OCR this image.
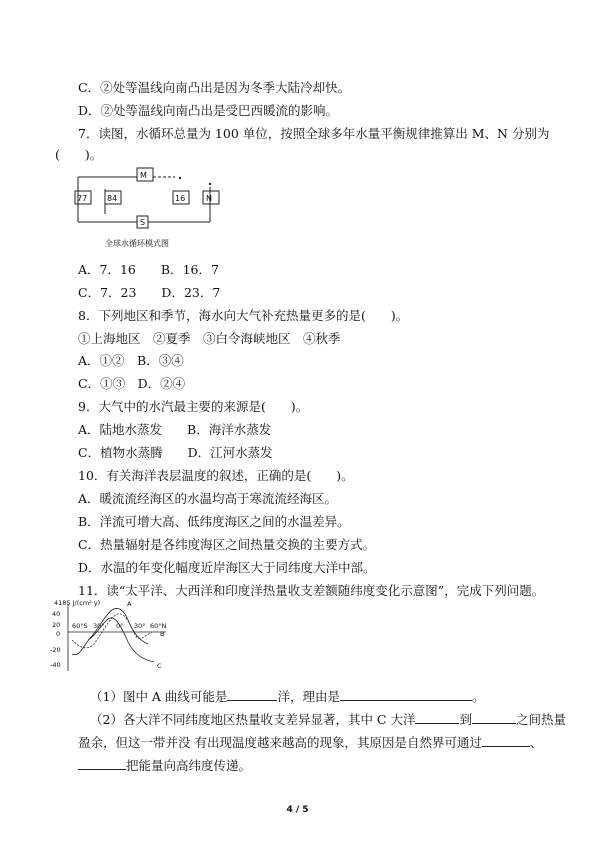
C．②处等温线向南凸出是因为冬季大陆冷却快。
D．②处等温线向南凸出是受巴西暖流的影响。
7．读图，水循环总量为 100 单位，按照全球多年水量平衡规律推算出 M、N 分别为
(　　)。
M
77 84	16	N
S
全球水循环模式图
A．7．16　　B．16．7
C．7．23　　D．23．7
8．下列地区和季节，海水向大气补充热量更多的是(　　)。
①上海地区　②夏季　③白令海峡地区　④秋季
A．①②　B．③④
C．①③　D．②④
9．大气中的水汽最主要的来源是(　　)。
A．陆地水蒸发　　B．海洋水蒸发
C．植物水蒸腾　　D．江河水蒸发
10．有关海洋表层温度的叙述，正确的是(　　)。
A．暖流流经海区的水温均高于寒流流经海区。
B．洋流可增大高、低纬度海区之间的水温差异。
C．热量辐射是各纬度海区之间热量交换的主要方式。
D．水温的年变化幅度近岸海区大于同纬度大洋中部。
11．读“太平洋、大西洋和印度洋热量收支差额随纬度变化示意图”，完成下列问题。
4185 J/(cm²·y)
40
20
0
-20
-40
60°S 30° 0° 30° 60°N
A
B
C
（1）图中 A 曲线可能是	洋，理由是	。
（2）各大洋不同纬度地区热量收支差异显著，其中 C 大洋	到	之间热量
盈余，但这一带并没 有出现温度越来越高的现象，其原因是自然界可通过	、
把能量向高纬度传递。
4 / 5
